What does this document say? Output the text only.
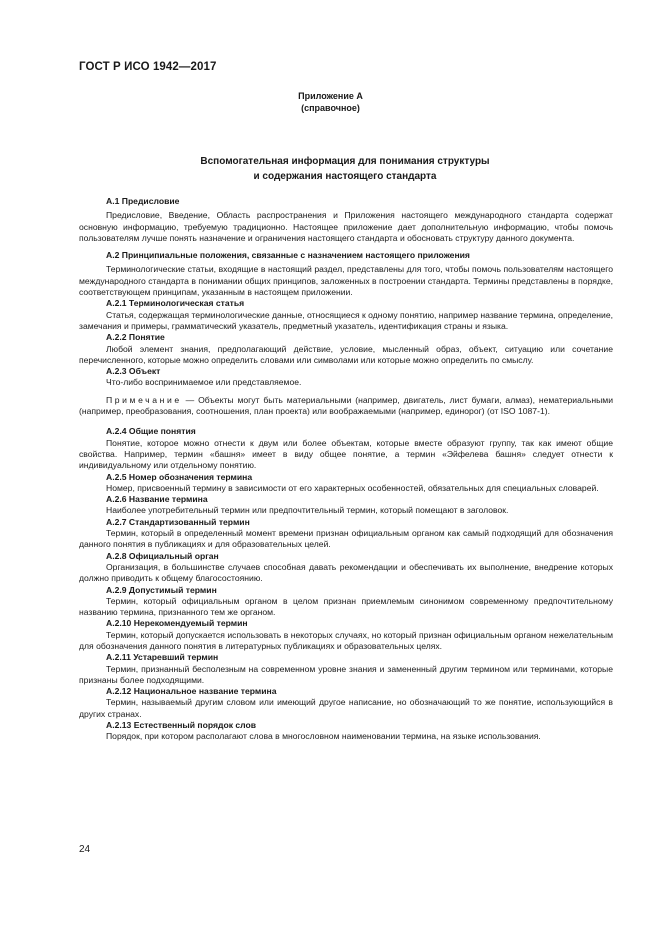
ГОСТ Р ИСО 1942—2017
Приложение А
(справочное)
Вспомогательная информация для понимания структуры
и содержания настоящего стандарта

А.1 Предисловие

Предисловие, Введение, Область распространения и Приложения настоящего международного стандарта содержат основную информацию, требуемую традиционно. Настоящее приложение дает дополнительную информацию, чтобы помочь пользователям лучше понять назначение и ограничения настоящего стандарта и обосновать структуру данного документа.

А.2 Принципиальные положения, связанные с назначением настоящего приложения

Терминологические статьи, входящие в настоящий раздел, представлены для того, чтобы помочь пользователям настоящего международного стандарта в понимании общих принципов, заложенных в построении стандарта. Термины представлены в порядке, соответствующем принципам, указанным в настоящем приложении.

А.2.1 Терминологическая статья

Статья, содержащая терминологические данные, относящиеся к одному понятию, например название термина, определение, замечания и примеры, грамматический указатель, предметный указатель, идентификация страны и языка.

А.2.2 Понятие

Любой элемент знания, предполагающий действие, условие, мысленный образ, объект, ситуацию или сочетание перечисленного, которые можно определить словами или символами или которые можно определить по смыслу.

А.2.3 Объект

Что-либо воспринимаемое или представляемое.

Примечание — Объекты могут быть материальными (например, двигатель, лист бумаги, алмаз), нематериальными (например, преобразования, соотношения, план проекта) или воображаемыми (например, единорог) (от ISO 1087-1).

А.2.4 Общие понятия

Понятие, которое можно отнести к двум или более объектам, которые вместе образуют группу, так как имеют общие свойства. Например, термин «башня» имеет в виду общее понятие, а термин «Эйфелева башня» следует отнести к индивидуальному или отдельному понятию.

А.2.5 Номер обозначения термина

Номер, присвоенный термину в зависимости от его характерных особенностей, обязательных для специальных словарей.

А.2.6 Название термина

Наиболее употребительный термин или предпочтительный термин, который помещают в заголовок.

А.2.7 Стандартизованный термин

Термин, который в определенный момент времени признан официальным органом как самый подходящий для обозначения данного понятия в публикациях и для образовательных целей.

А.2.8 Официальный орган

Организация, в большинстве случаев способная давать рекомендации и обеспечивать их выполнение, внедрение которых должно приводить к общему благосостоянию.

А.2.9 Допустимый термин

Термин, который официальным органом в целом признан приемлемым синонимом современному предпочтительному названию термина, признанного тем же органом.

А.2.10 Нерекомендуемый термин

Термин, который допускается использовать в некоторых случаях, но который признан официальным органом нежелательным для обозначения данного понятия в литературных публикациях и образовательных целях.

А.2.11 Устаревший термин

Термин, признанный бесполезным на современном уровне знания и замененный другим термином или терминами, которые признаны более подходящими.

А.2.12 Национальное название термина

Термин, называемый другим словом или имеющий другое написание, но обозначающий то же понятие, использующийся в других странах.

А.2.13 Естественный порядок слов

Порядок, при котором располагают слова в многословном наименовании термина, на языке использования.

24
